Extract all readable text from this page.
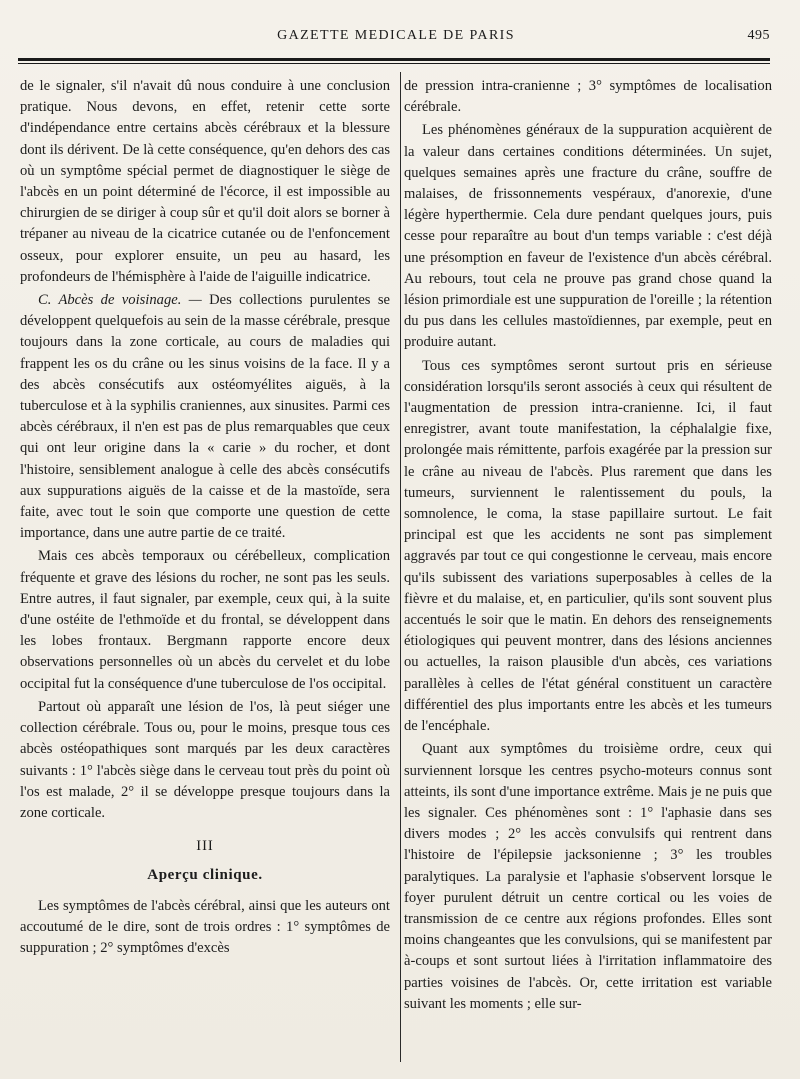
GAZETTE MEDICALE DE PARIS	495

de le signaler, s'il n'avait dû nous conduire à une conclusion pratique. Nous devons, en effet, retenir cette sorte d'indépendance entre certains abcès cérébraux et la blessure dont ils dérivent. De là cette conséquence, qu'en dehors des cas où un symptôme spécial permet de diagnostiquer le siège de l'abcès en un point déterminé de l'écorce, il est impossible au chirurgien de se diriger à coup sûr et qu'il doit alors se borner à trépaner au niveau de la cicatrice cutanée ou de l'enfoncement osseux, pour explorer ensuite, un peu au hasard, les profondeurs de l'hémisphère à l'aide de l'aiguille indicatrice.

C. Abcès de voisinage. — Des collections purulentes se développent quelquefois au sein de la masse cérébrale, presque toujours dans la zone corticale, au cours de maladies qui frappent les os du crâne ou les sinus voisins de la face. Il y a des abcès consécutifs aux ostéomyélites aiguës, à la tuberculose et à la syphilis craniennes, aux sinusites. Parmi ces abcès cérébraux, il n'en est pas de plus remarquables que ceux qui ont leur origine dans la « carie » du rocher, et dont l'histoire, sensiblement analogue à celle des abcès consécutifs aux suppurations aiguës de la caisse et de la mastoïde, sera faite, avec tout le soin que comporte une question de cette importance, dans une autre partie de ce traité.

Mais ces abcès temporaux ou cérébelleux, complication fréquente et grave des lésions du rocher, ne sont pas les seuls. Entre autres, il faut signaler, par exemple, ceux qui, à la suite d'une ostéite de l'ethmoïde et du frontal, se développent dans les lobes frontaux. Bergmann rapporte encore deux observations personnelles où un abcès du cervelet et du lobe occipital fut la conséquence d'une tuberculose de l'os occipital.

Partout où apparaît une lésion de l'os, là peut siéger une collection cérébrale. Tous ou, pour le moins, presque tous ces abcès ostéopathiques sont marqués par les deux caractères suivants : 1° l'abcès siège dans le cerveau tout près du point où l'os est malade, 2° il se développe presque toujours dans la zone corticale.

III
Aperçu clinique.

Les symptômes de l'abcès cérébral, ainsi que les auteurs ont accoutumé de le dire, sont de trois ordres : 1° symptômes de suppuration ; 2° symptômes d'excès

de pression intra-cranienne ; 3° symptômes de localisation cérébrale.

Les phénomènes généraux de la suppuration acquièrent de la valeur dans certaines conditions déterminées. Un sujet, quelques semaines après une fracture du crâne, souffre de malaises, de frissonnements vespéraux, d'anorexie, d'une légère hyperthermie. Cela dure pendant quelques jours, puis cesse pour reparaître au bout d'un temps variable : c'est déjà une présomption en faveur de l'existence d'un abcès cérébral. Au rebours, tout cela ne prouve pas grand chose quand la lésion primordiale est une suppuration de l'oreille ; la rétention du pus dans les cellules mastoïdiennes, par exemple, peut en produire autant.

Tous ces symptômes seront surtout pris en sérieuse considération lorsqu'ils seront associés à ceux qui résultent de l'augmentation de pression intra-cranienne. Ici, il faut enregistrer, avant toute manifestation, la céphalalgie fixe, prolongée mais rémittente, parfois exagérée par la pression sur le crâne au niveau de l'abcès. Plus rarement que dans les tumeurs, surviennent le ralentissement du pouls, la somnolence, le coma, la stase papillaire surtout. Le fait principal est que les accidents ne sont pas simplement aggravés par tout ce qui congestionne le cerveau, mais encore qu'ils subissent des variations superposables à celles de la fièvre et du malaise, et, en particulier, qu'ils sont souvent plus accentués le soir que le matin. En dehors des renseignements étiologiques qui peuvent montrer, dans des lésions anciennes ou actuelles, la raison plausible d'un abcès, ces variations parallèles à celles de l'état général constituent un caractère différentiel des plus importants entre les abcès et les tumeurs de l'encéphale.

Quant aux symptômes du troisième ordre, ceux qui surviennent lorsque les centres psycho-moteurs connus sont atteints, ils sont d'une importance extrême. Mais je ne puis que les signaler. Ces phénomènes sont : 1° l'aphasie dans ses divers modes ; 2° les accès convulsifs qui rentrent dans l'histoire de l'épilepsie jacksonienne ; 3° les troubles paralytiques. La paralysie et l'aphasie s'observent lorsque le foyer purulent détruit un centre cortical ou les voies de transmission de ce centre aux régions profondes. Elles sont moins changeantes que les convulsions, qui se manifestent par à-coups et sont surtout liées à l'irritation inflammatoire des parties voisines de l'abcès. Or, cette irritation est variable suivant les moments ; elle sur-
